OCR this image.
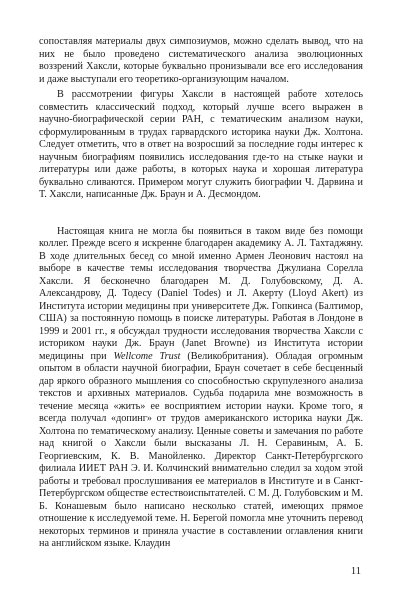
сопоставляя материалы двух симпозиумов, можно сделать вывод, что на них не было проведено систематического анализа эволюционных воззрений Хаксли, которые буквально пронизывали все его исследования и даже выступали его теоретико-организующим началом.

В рассмотрении фигуры Хаксли в настоящей работе хотелось совместить классический подход, который лучше всего выражен в научно-биографической серии РАН, с тематическим анализом науки, сформулированным в трудах гарвардского историка науки Дж. Холтона. Следует отметить, что в ответ на возросший за последние годы интерес к научным биографиям появились исследования где-то на стыке науки и литературы или даже работы, в которых наука и хорошая литература буквально сливаются. Примером могут служить биографии Ч. Дарвина и Т. Хаксли, написанные Дж. Браун и А. Десмондом.

Настоящая книга не могла бы появиться в таком виде без помощи коллег. Прежде всего я искренне благодарен академику А. Л. Тахтаджяну. В ходе длительных бесед со мной именно Армен Леонович настоял на выборе в качестве темы исследования творчества Джулиана Сорелла Хаксли. Я бесконечно благодарен М. Д. Голубовскому, Д. А. Александрову, Д. Тодесу (Daniel Todes) и Л. Акерту (Lloyd Akert) из Института истории медицины при университете Дж. Гопкинса (Балтимор, США) за постоянную помощь в поиске литературы. Работая в Лондоне в 1999 и 2001 гг., я обсуждал трудности исследования творчества Хаксли с историком науки Дж. Браун (Janet Browne) из Института истории медицины при Wellcome Trust (Великобритания). Обладая огромным опытом в области научной биографии, Браун сочетает в себе бесценный дар яркого образного мышления со способностью скрупулезного анализа текстов и архивных материалов. Судьба подарила мне возможность в течение месяца «жить» ее восприятием истории науки. Кроме того, я всегда получал «допинг» от трудов американского историка науки Дж. Холтона по тематическому анализу. Ценные советы и замечания по работе над книгой о Хаксли были высказаны Л. Н. Серавиным, А. Б. Георгиевским, К. В. Манойленко. Директор Санкт-Петербургского филиала ИИЕТ РАН Э. И. Колчинский внимательно следил за ходом этой работы и требовал прослушивания ее материалов в Институте и в Санкт-Петербургском обществе естествоиспытателей. С М. Д. Голубовским и М. Б. Конашевым было написано несколько статей, имеющих прямое отношение к исследуемой теме. Н. Берегой помогла мне уточнить перевод некоторых терминов и приняла участие в составлении оглавления книги на английском языке. Клаудин

11
